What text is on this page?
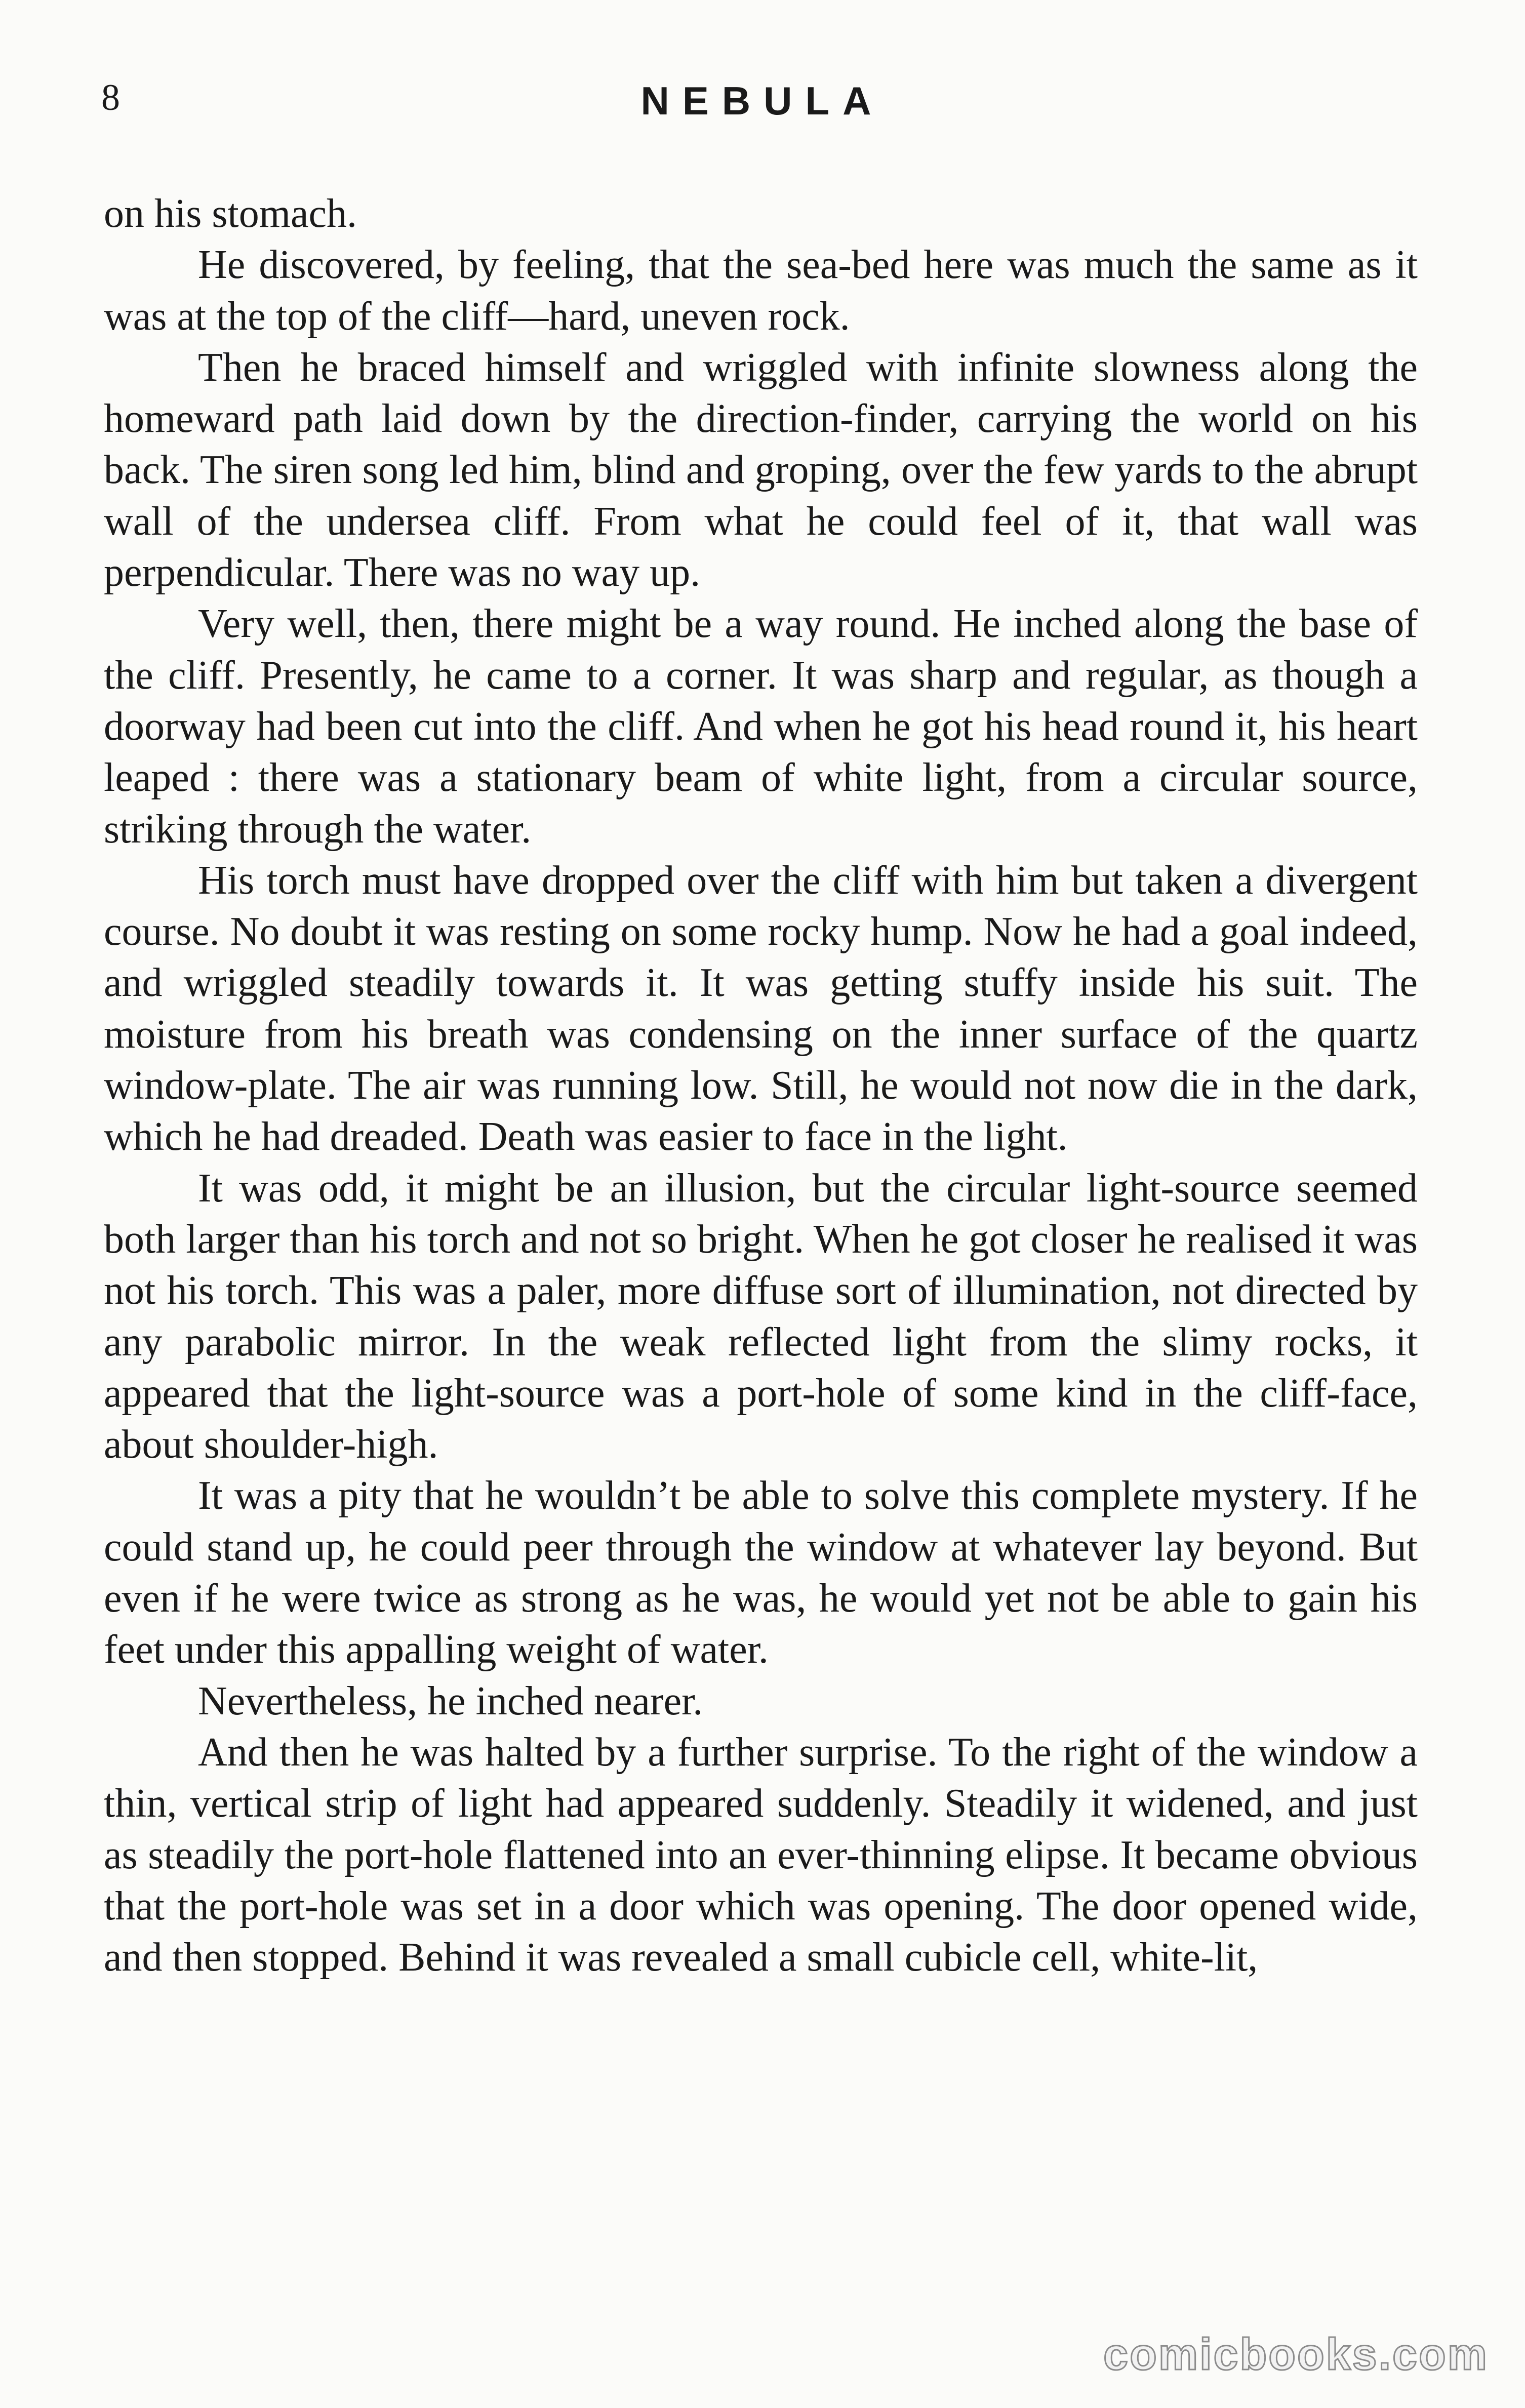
8	NEBULA

on his stomach.

He discovered, by feeling, that the sea-bed here was much the same as it was at the top of the cliff—hard, uneven rock.

Then he braced himself and wriggled with infinite slowness along the homeward path laid down by the direction-finder, carrying the world on his back. The siren song led him, blind and groping, over the few yards to the abrupt wall of the undersea cliff. From what he could feel of it, that wall was perpendicular. There was no way up.

Very well, then, there might be a way round. He inched along the base of the cliff. Presently, he came to a corner. It was sharp and regular, as though a doorway had been cut into the cliff. And when he got his head round it, his heart leaped : there was a stationary beam of white light, from a circular source, striking through the water.

His torch must have dropped over the cliff with him but taken a divergent course. No doubt it was resting on some rocky hump. Now he had a goal indeed, and wriggled steadily towards it. It was getting stuffy inside his suit. The moisture from his breath was condensing on the inner surface of the quartz window-plate. The air was running low. Still, he would not now die in the dark, which he had dreaded. Death was easier to face in the light.

It was odd, it might be an illusion, but the circular light-source seemed both larger than his torch and not so bright. When he got closer he realised it was not his torch. This was a paler, more diffuse sort of illumination, not directed by any parabolic mirror. In the weak reflected light from the slimy rocks, it appeared that the light-source was a port-hole of some kind in the cliff-face, about shoulder-high.

It was a pity that he wouldn’t be able to solve this complete mystery. If he could stand up, he could peer through the window at whatever lay beyond. But even if he were twice as strong as he was, he would yet not be able to gain his feet under this appalling weight of water.

Nevertheless, he inched nearer.

And then he was halted by a further surprise. To the right of the window a thin, vertical strip of light had appeared suddenly. Steadily it widened, and just as steadily the port-hole flattened into an ever-thinning elipse. It became obvious that the port-hole was set in a door which was opening. The door opened wide, and then stopped. Behind it was revealed a small cubicle cell, white-lit,

comicbooks.com
